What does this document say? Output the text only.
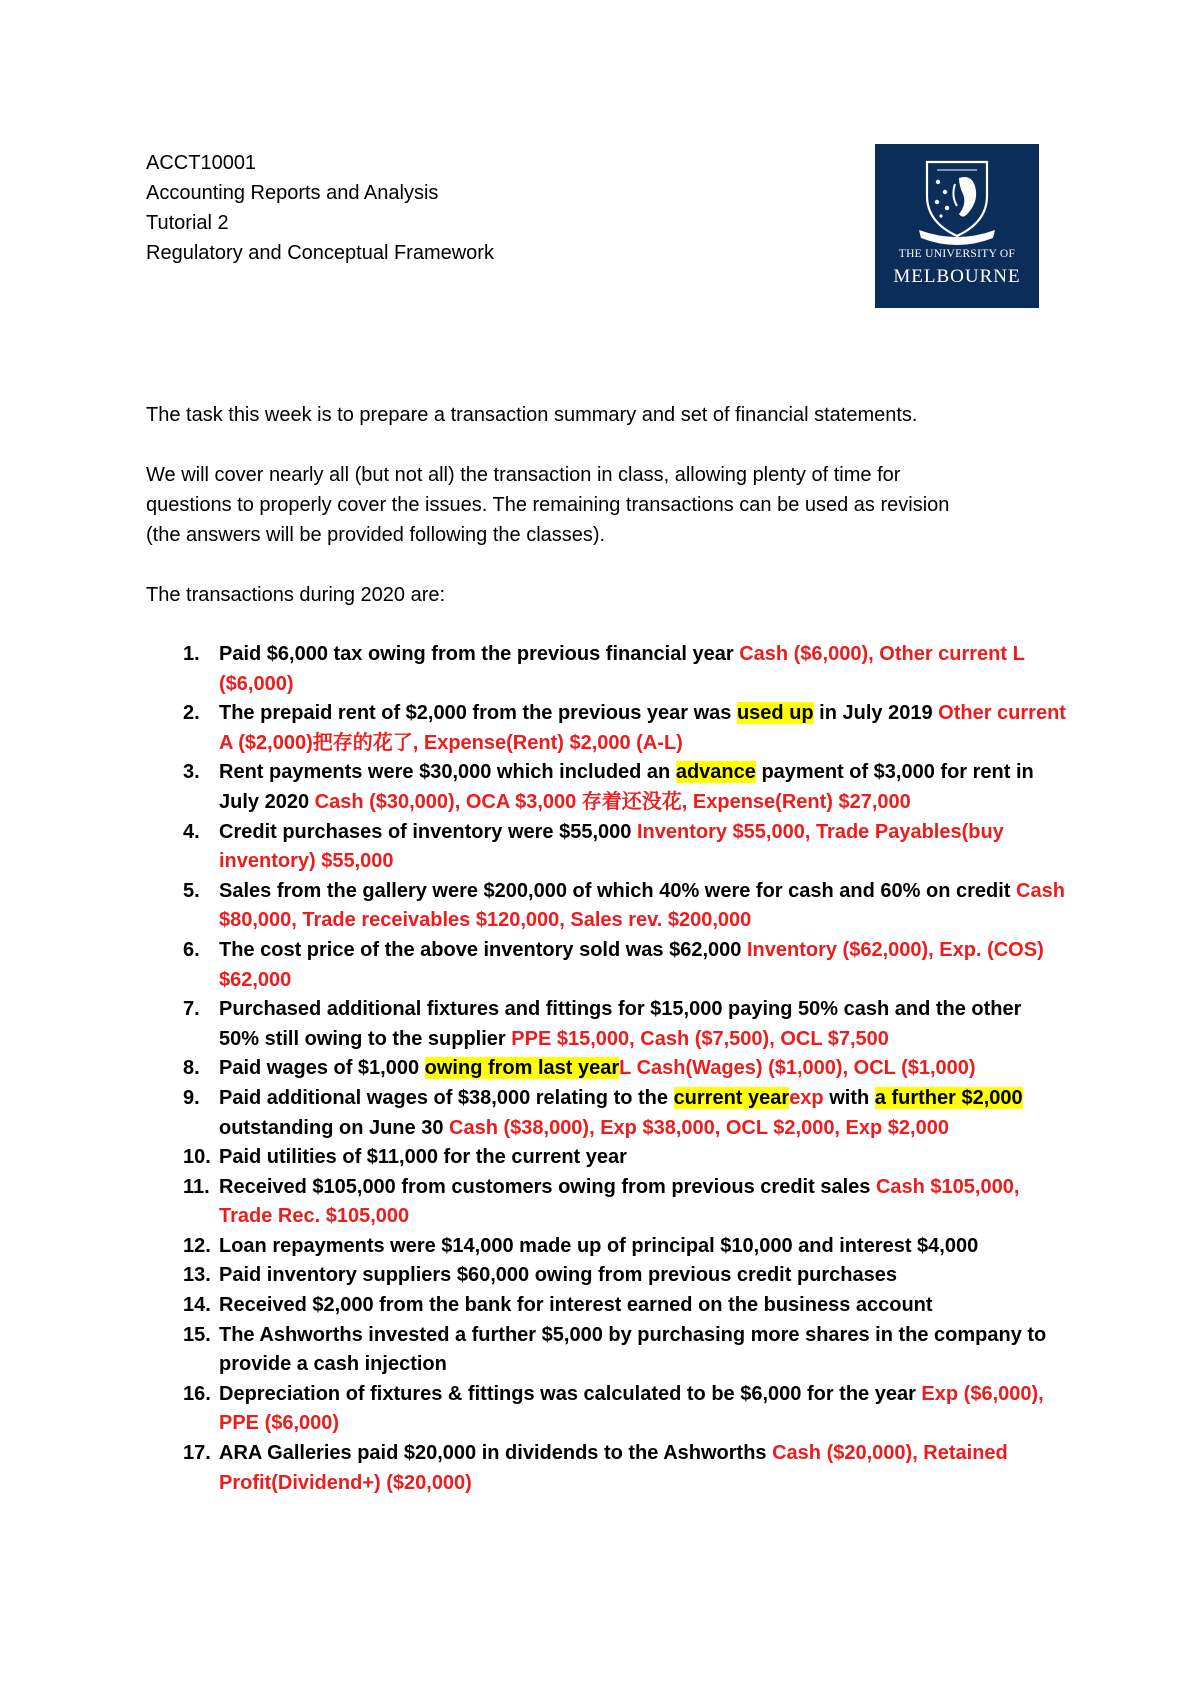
ACCT10001
Accounting Reports and Analysis
Tutorial 2
Regulatory and Conceptual Framework	THE UNIVERSITY OF
MELBOURNE
The task this week is to prepare a transaction summary and set of financial statements.
We will cover nearly all (but not all) the transaction in class, allowing plenty of time for
questions to properly cover the issues. The remaining transactions can be used as revision
(the answers will be provided following the classes).
The transactions during 2020 are:
1. Paid $6,000 tax owing from the previous financial year Cash ($6,000), Other current L ($6,000)
2. The prepaid rent of $2,000 from the previous year was used up in July 2019 Other current A ($2,000)把存的花了, Expense(Rent) $2,000 (A-L)
3. Rent payments were $30,000 which included an advance payment of $3,000 for rent in July 2020 Cash ($30,000), OCA $3,000 存着还没花, Expense(Rent) $27,000
4. Credit purchases of inventory were $55,000 Inventory $55,000, Trade Payables(buy inventory) $55,000
5. Sales from the gallery were $200,000 of which 40% were for cash and 60% on credit Cash $80,000, Trade receivables $120,000, Sales rev. $200,000
6. The cost price of the above inventory sold was $62,000 Inventory ($62,000), Exp. (COS) $62,000
7. Purchased additional fixtures and fittings for $15,000 paying 50% cash and the other 50% still owing to the supplier PPE $15,000, Cash ($7,500), OCL $7,500
8. Paid wages of $1,000 owing from last yearL Cash(Wages) ($1,000), OCL ($1,000)
9. Paid additional wages of $38,000 relating to the current yearexp with a further $2,000 outstanding on June 30 Cash ($38,000), Exp $38,000, OCL $2,000, Exp $2,000
10. Paid utilities of $11,000 for the current year
11. Received $105,000 from customers owing from previous credit sales Cash $105,000, Trade Rec. $105,000
12. Loan repayments were $14,000 made up of principal $10,000 and interest $4,000
13. Paid inventory suppliers $60,000 owing from previous credit purchases
14. Received $2,000 from the bank for interest earned on the business account
15. The Ashworths invested a further $5,000 by purchasing more shares in the company to provide a cash injection
16. Depreciation of fixtures & fittings was calculated to be $6,000 for the year Exp ($6,000), PPE ($6,000)
17. ARA Galleries paid $20,000 in dividends to the Ashworths Cash ($20,000), Retained Profit(Dividend+) ($20,000)
